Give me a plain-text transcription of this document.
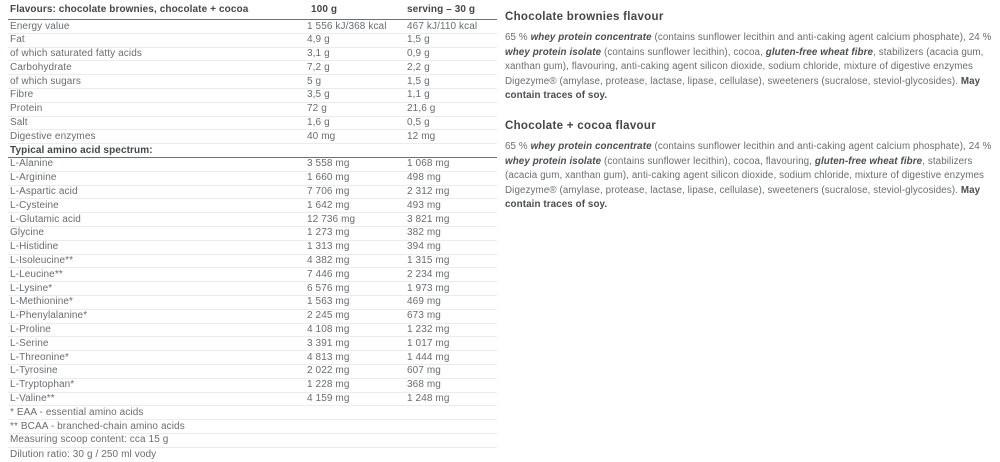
Flavours: chocolate brownies, chocolate + cocoa	100 g	serving – 30 g
Energy value	1 556 kJ/368 kcal	467 kJ/110 kcal
Fat	4,9 g	1,5 g
of which saturated fatty acids	3,1 g	0,9 g
Carbohydrate	7,2 g	2,2 g
of which sugars	5 g	1,5 g
Fibre	3,5 g	1,1 g
Protein	72 g	21,6 g
Salt	1,6 g	0,5 g
Digestive enzymes	40 mg	12 mg
Typical amino acid spectrum:
L-Alanine	3 558 mg	1 068 mg
L-Arginine	1 660 mg	498 mg
L-Aspartic acid	7 706 mg	2 312 mg
L-Cysteine	1 642 mg	493 mg
L-Glutamic acid	12 736 mg	3 821 mg
Glycine	1 273 mg	382 mg
L-Histidine	1 313 mg	394 mg
L-Isoleucine**	4 382 mg	1 315 mg
L-Leucine**	7 446 mg	2 234 mg
L-Lysine*	6 576 mg	1 973 mg
L-Methionine*	1 563 mg	469 mg
L-Phenylalanine*	2 245 mg	673 mg
L-Proline	4 108 mg	1 232 mg
L-Serine	3 391 mg	1 017 mg
L-Threonine*	4 813 mg	1 444 mg
L-Tyrosine	2 022 mg	607 mg
L-Tryptophan*	1 228 mg	368 mg
L-Valine**	4 159 mg	1 248 mg
* EAA - essential amino acids
** BCAA - branched-chain amino acids
Measuring scoop content: cca 15 g
Dilution ratio: 30 g / 250 ml vody
Chocolate brownies flavour

65 % whey protein concentrate (contains sunflower lecithin and anti-caking agent calcium phosphate), 24 % whey protein isolate (contains sunflower lecithin), cocoa, gluten-free wheat fibre, stabilizers (acacia gum, xanthan gum), flavouring, anti-caking agent silicon dioxide, sodium chloride, mixture of digestive enzymes Digezyme® (amylase, protease, lactase, lipase, cellulase), sweeteners (sucralose, steviol-glycosides). May contain traces of soy.

Chocolate + cocoa flavour

65 % whey protein concentrate (contains sunflower lecithin and anti-caking agent calcium phosphate), 24 % whey protein isolate (contains sunflower lecithin), cocoa, flavouring, gluten-free wheat fibre, stabilizers (acacia gum, xanthan gum), anti-caking agent silicon dioxide, sodium chloride, mixture of digestive enzymes Digezyme® (amylase, protease, lactase, lipase, cellulase), sweeteners (sucralose, steviol-glycosides). May contain traces of soy.
